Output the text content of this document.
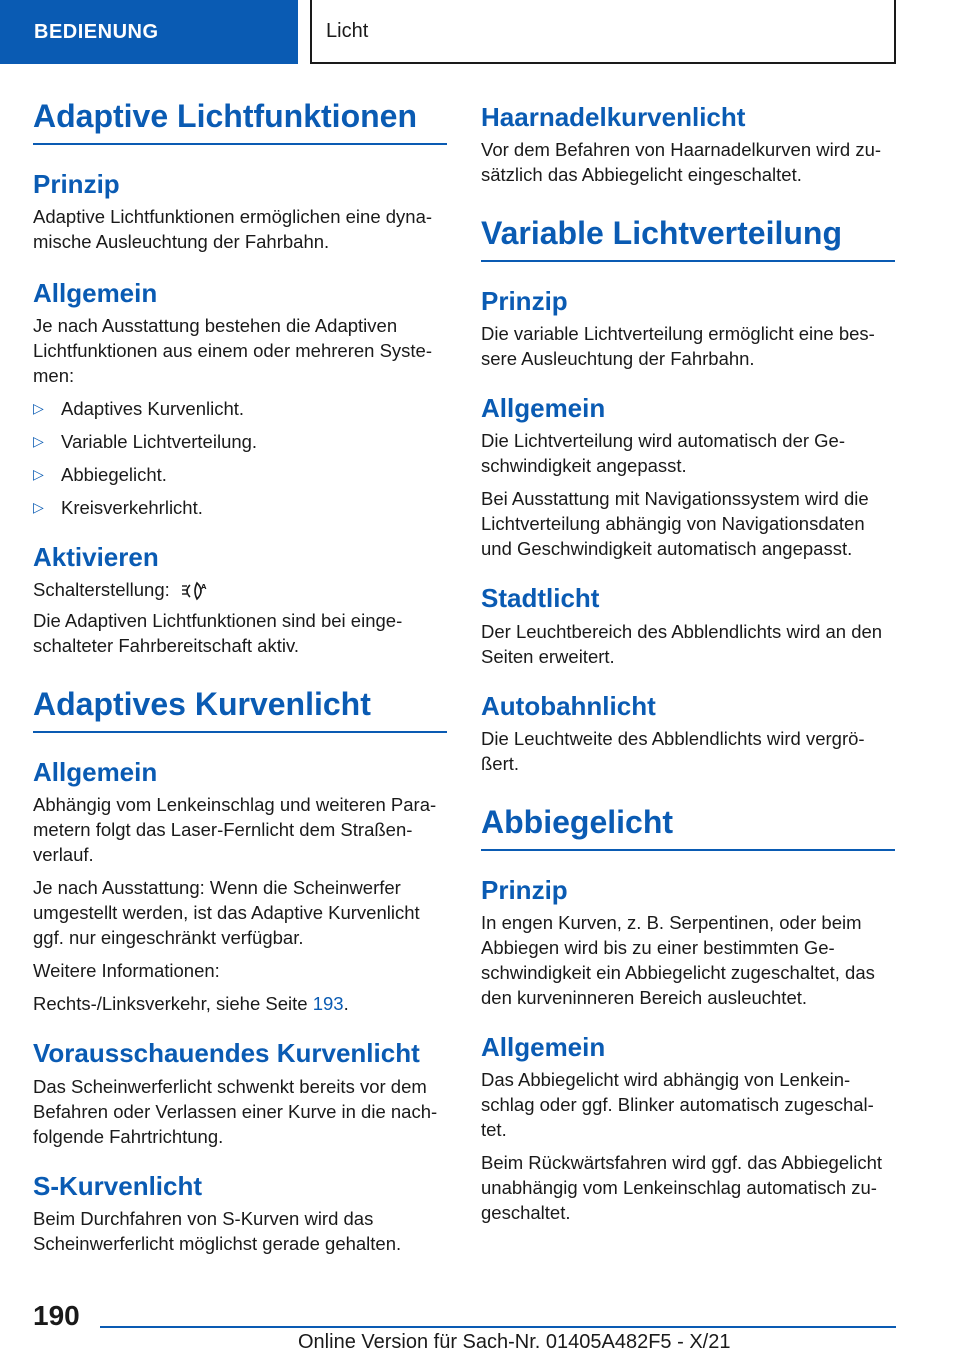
BEDIENUNG	Licht
Adaptive Lichtfunktionen
Prinzip

Adaptive Lichtfunktionen ermöglichen eine dyna-mische Ausleuchtung der Fahrbahn.

Allgemein

Je nach Ausstattung bestehen die Adaptiven Lichtfunktionen aus einem oder mehreren Syste-men:

▷ Adaptives Kurvenlicht.
▷ Variable Lichtverteilung.
▷ Abbiegelicht.
▷ Kreisverkehrlicht.
Aktivieren

Schalterstellung:	A

Die Adaptiven Lichtfunktionen sind bei einge-schalteter Fahrbereitschaft aktiv.

Adaptives Kurvenlicht
Allgemein

Abhängig vom Lenkeinschlag und weiteren Para-metern folgt das Laser-Fernlicht dem Straßen-verlauf.

Je nach Ausstattung: Wenn die Scheinwerfer umgestellt werden, ist das Adaptive Kurvenlicht ggf. nur eingeschränkt verfügbar.

Weitere Informationen:

Rechts-/Linksverkehr, siehe Seite 193.

Vorausschauendes Kurvenlicht

Das Scheinwerferlicht schwenkt bereits vor dem Befahren oder Verlassen einer Kurve in die nach-folgende Fahrtrichtung.

S-Kurvenlicht

Beim Durchfahren von S-Kurven wird das Scheinwerferlicht möglichst gerade gehalten.

Haarnadelkurvenlicht

Vor dem Befahren von Haarnadelkurven wird zu-sätzlich das Abbiegelicht eingeschaltet.

Variable Lichtverteilung
Prinzip

Die variable Lichtverteilung ermöglicht eine bes-sere Ausleuchtung der Fahrbahn.

Allgemein

Die Lichtverteilung wird automatisch der Ge-schwindigkeit angepasst.

Bei Ausstattung mit Navigationssystem wird die Lichtverteilung abhängig von Navigationsdaten und Geschwindigkeit automatisch angepasst.

Stadtlicht

Der Leuchtbereich des Abblendlichts wird an den Seiten erweitert.

Autobahnlicht

Die Leuchtweite des Abblendlichts wird vergrö-ßert.

Abbiegelicht
Prinzip

In engen Kurven, z. B. Serpentinen, oder beim Abbiegen wird bis zu einer bestimmten Ge-schwindigkeit ein Abbiegelicht zugeschaltet, das den kurveninneren Bereich ausleuchtet.

Allgemein

Das Abbiegelicht wird abhängig von Lenkein-schlag oder ggf. Blinker automatisch zugeschal-tet.

Beim Rückwärtsfahren wird ggf. das Abbiegelicht unabhängig vom Lenkeinschlag automatisch zu-geschaltet.

190
Online Version für Sach-Nr. 01405A482F5 - X/21
